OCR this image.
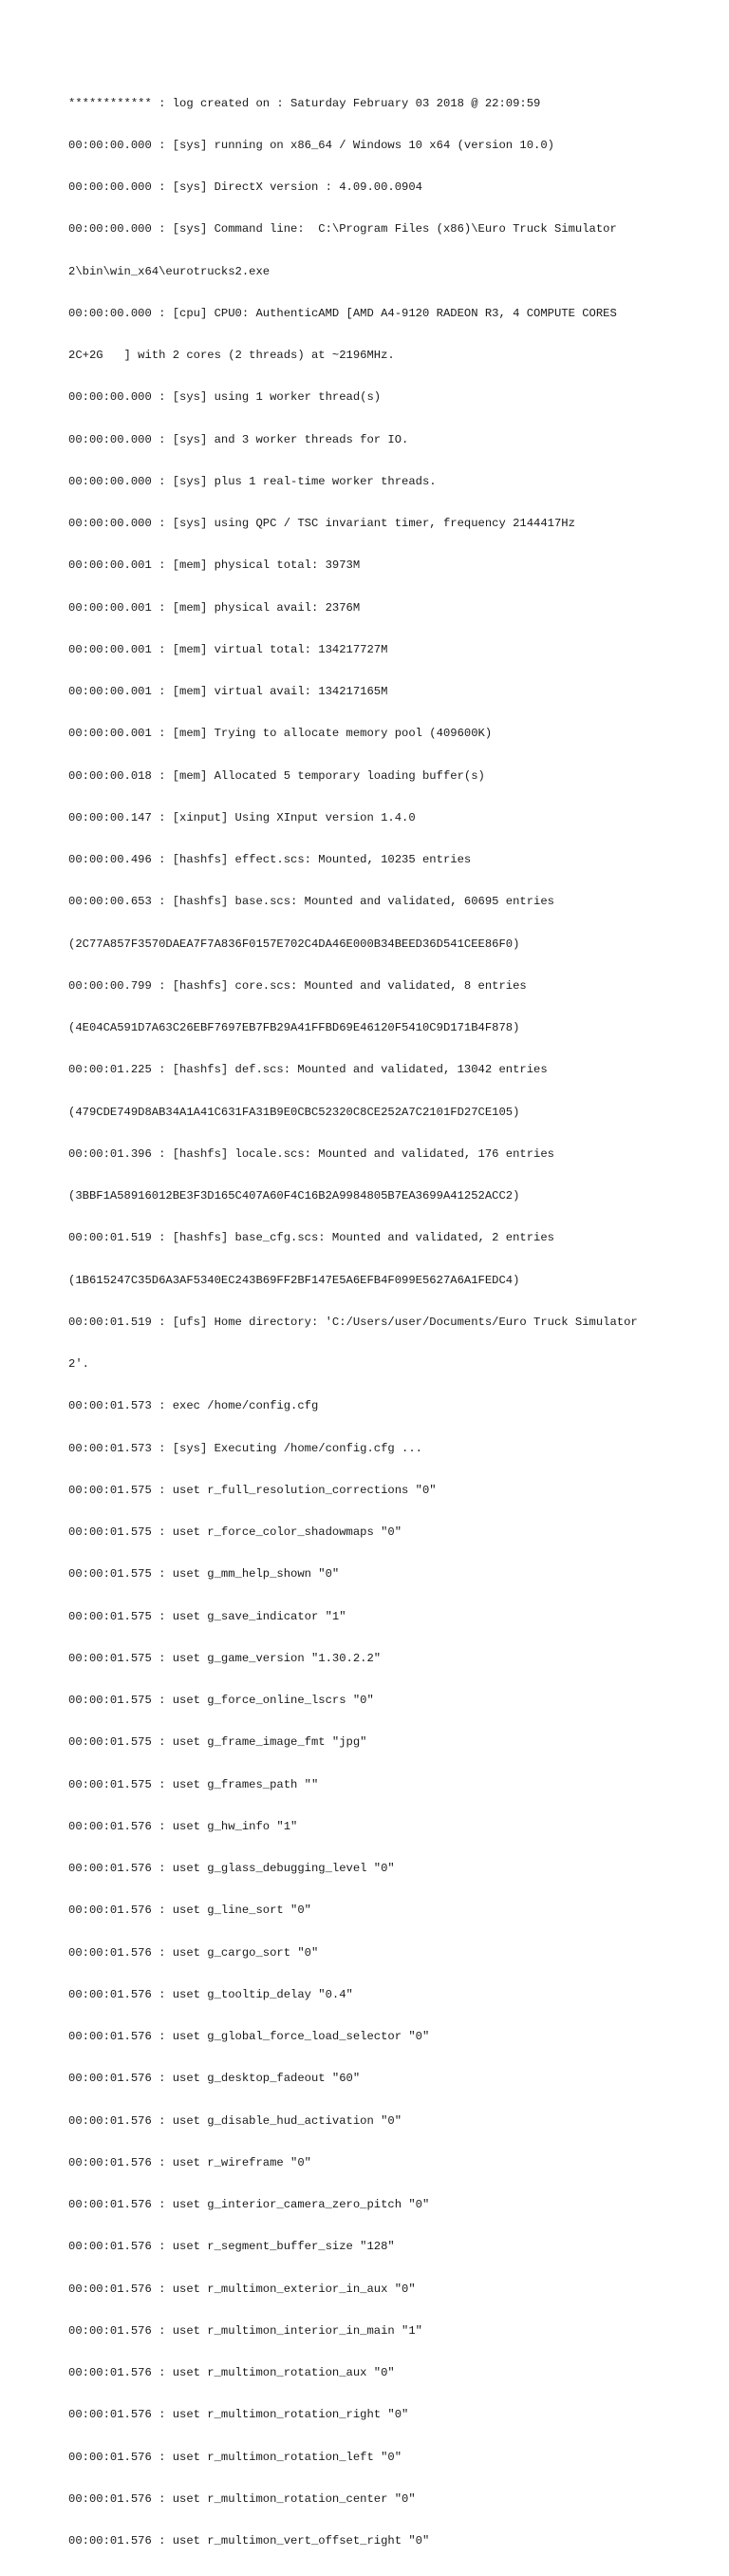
************ : log created on : Saturday February 03 2018 @ 22:09:59

00:00:00.000 : [sys] running on x86_64 / Windows 10 x64 (version 10.0)

00:00:00.000 : [sys] DirectX version : 4.09.00.0904

00:00:00.000 : [sys] Command line:  C:\Program Files (x86)\Euro Truck Simulator

2\bin\win_x64\eurotrucks2.exe

00:00:00.000 : [cpu] CPU0: AuthenticAMD [AMD A4-9120 RADEON R3, 4 COMPUTE CORES

2C+2G   ] with 2 cores (2 threads) at ~2196MHz.

00:00:00.000 : [sys] using 1 worker thread(s)

00:00:00.000 : [sys] and 3 worker threads for IO.

00:00:00.000 : [sys] plus 1 real-time worker threads.

00:00:00.000 : [sys] using QPC / TSC invariant timer, frequency 2144417Hz

00:00:00.001 : [mem] physical total: 3973M

00:00:00.001 : [mem] physical avail: 2376M

00:00:00.001 : [mem] virtual total: 134217727M

00:00:00.001 : [mem] virtual avail: 134217165M

00:00:00.001 : [mem] Trying to allocate memory pool (409600K)

00:00:00.018 : [mem] Allocated 5 temporary loading buffer(s)

00:00:00.147 : [xinput] Using XInput version 1.4.0

00:00:00.496 : [hashfs] effect.scs: Mounted, 10235 entries

00:00:00.653 : [hashfs] base.scs: Mounted and validated, 60695 entries

(2C77A857F3570DAEA7F7A836F0157E702C4DA46E000B34BEED36D541CEE86F0)

00:00:00.799 : [hashfs] core.scs: Mounted and validated, 8 entries

(4E04CA591D7A63C26EBF7697EB7FB29A41FFBD69E46120F5410C9D171B4F878)

00:00:01.225 : [hashfs] def.scs: Mounted and validated, 13042 entries

(479CDE749D8AB34A1A41C631FA31B9E0CBC52320C8CE252A7C2101FD27CE105)

00:00:01.396 : [hashfs] locale.scs: Mounted and validated, 176 entries

(3BBF1A58916012BE3F3D165C407A60F4C16B2A9984805B7EA3699A41252ACC2)

00:00:01.519 : [hashfs] base_cfg.scs: Mounted and validated, 2 entries

(1B615247C35D6A3AF5340EC243B69FF2BF147E5A6EFB4F099E5627A6A1FEDC4)

00:00:01.519 : [ufs] Home directory: 'C:/Users/user/Documents/Euro Truck Simulator

2'.

00:00:01.573 : exec /home/config.cfg

00:00:01.573 : [sys] Executing /home/config.cfg ...

00:00:01.575 : uset r_full_resolution_corrections "0"

00:00:01.575 : uset r_force_color_shadowmaps "0"

00:00:01.575 : uset g_mm_help_shown "0"

00:00:01.575 : uset g_save_indicator "1"

00:00:01.575 : uset g_game_version "1.30.2.2"

00:00:01.575 : uset g_force_online_lscrs "0"

00:00:01.575 : uset g_frame_image_fmt "jpg"

00:00:01.575 : uset g_frames_path ""

00:00:01.576 : uset g_hw_info "1"

00:00:01.576 : uset g_glass_debugging_level "0"

00:00:01.576 : uset g_line_sort "0"

00:00:01.576 : uset g_cargo_sort "0"

00:00:01.576 : uset g_tooltip_delay "0.4"

00:00:01.576 : uset g_global_force_load_selector "0"

00:00:01.576 : uset g_desktop_fadeout "60"

00:00:01.576 : uset g_disable_hud_activation "0"

00:00:01.576 : uset r_wireframe "0"

00:00:01.576 : uset g_interior_camera_zero_pitch "0"

00:00:01.576 : uset r_segment_buffer_size "128"

00:00:01.576 : uset r_multimon_exterior_in_aux "0"

00:00:01.576 : uset r_multimon_interior_in_main "1"

00:00:01.576 : uset r_multimon_rotation_aux "0"

00:00:01.576 : uset r_multimon_rotation_right "0"

00:00:01.576 : uset r_multimon_rotation_left "0"

00:00:01.576 : uset r_multimon_rotation_center "0"

00:00:01.576 : uset r_multimon_vert_offset_right "0"
